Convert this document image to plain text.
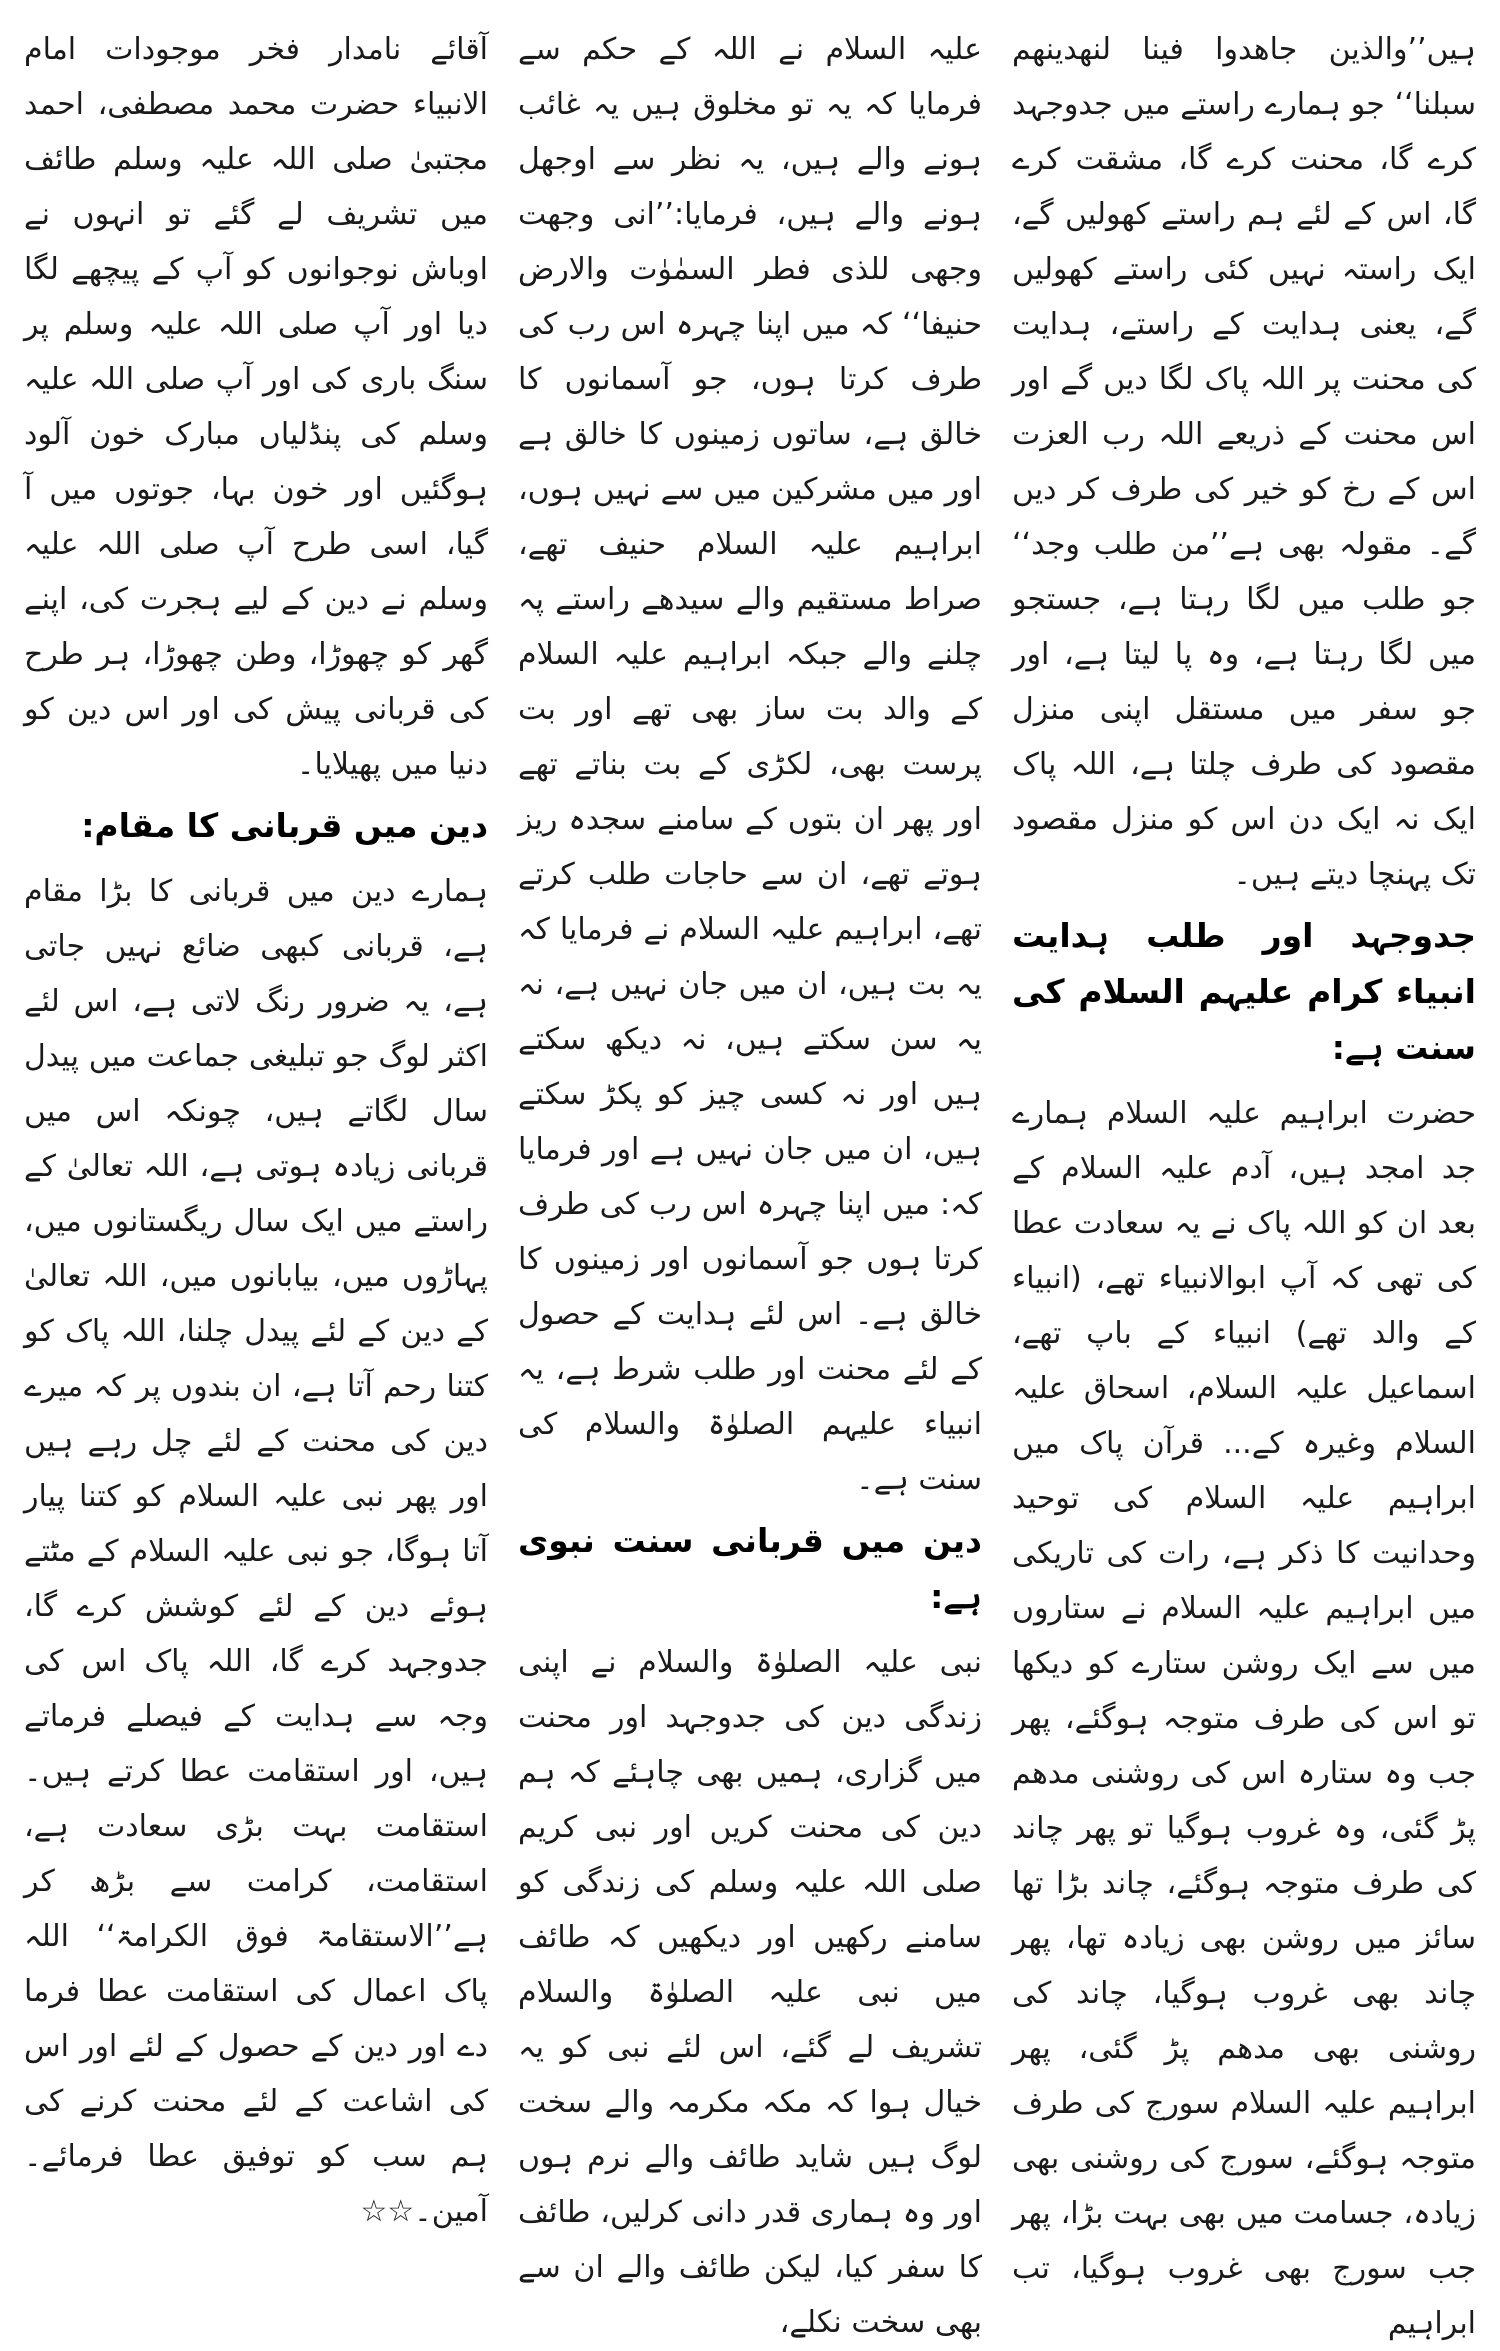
ہیں’’والذین جاھدوا فینا لنھدینھم سبلنا‘‘ جو ہمارے راستے میں جدوجہد کرے گا، محنت کرے گا، مشقت کرے گا، اس کے لئے ہم راستے کھولیں گے، ایک راستہ نہیں کئی راستے کھولیں گے، یعنی ہدایت کے راستے، ہدایت کی محنت پر اللہ پاک لگا دیں گے اور اس محنت کے ذریعے اللہ رب العزت اس کے رخ کو خیر کی طرف کر دیں گے۔ مقولہ بھی ہے’’من طلب وجد‘‘ جو طلب میں لگا رہتا ہے، جستجو میں لگا رہتا ہے، وہ پا لیتا ہے، اور جو سفر میں مستقل اپنی منزل مقصود کی طرف چلتا ہے، اللہ پاک ایک نہ ایک دن اس کو منزل مقصود تک پہنچا دیتے ہیں۔

جدوجہد اور طلب ہدایت انبیاء کرام علیہم السلام کی سنت ہے:

حضرت ابراہیم علیہ السلام ہمارے جد امجد ہیں، آدم علیہ السلام کے بعد ان کو اللہ پاک نے یہ سعادت عطا کی تھی کہ آپ ابوالانبیاء تھے، (انبیاء کے والد تھے) انبیاء کے باپ تھے، اسماعیل علیہ السلام، اسحاق علیہ السلام وغیرہ کے... قرآن پاک میں ابراہیم علیہ السلام کی توحید وحدانیت کا ذکر ہے، رات کی تاریکی میں ابراہیم علیہ السلام نے ستاروں میں سے ایک روشن ستارے کو دیکھا تو اس کی طرف متوجہ ہوگئے، پھر جب وہ ستارہ اس کی روشنی مدھم پڑ گئی، وہ غروب ہوگیا تو پھر چاند کی طرف متوجہ ہوگئے، چاند بڑا تھا سائز میں روشن بھی زیادہ تھا، پھر چاند بھی غروب ہوگیا، چاند کی روشنی بھی مدھم پڑ گئی، پھر ابراہیم علیہ السلام سورج کی طرف متوجہ ہوگئے، سورج کی روشنی بھی زیادہ، جسامت میں بھی بہت بڑا، پھر جب سورج بھی غروب ہوگیا، تب ابراہیم

علیہ السلام نے اللہ کے حکم سے فرمایا کہ یہ تو مخلوق ہیں یہ غائب ہونے والے ہیں، یہ نظر سے اوجھل ہونے والے ہیں، فرمایا:’’انی وجھت وجھی للذی فطر السمٰوٰت والارض حنیفا‘‘ کہ میں اپنا چہرہ اس رب کی طرف کرتا ہوں، جو آسمانوں کا خالق ہے، ساتوں زمینوں کا خالق ہے اور میں مشرکین میں سے نہیں ہوں، ابراہیم علیہ السلام حنیف تھے، صراط مستقیم والے سیدھے راستے پہ چلنے والے جبکہ ابراہیم علیہ السلام کے والد بت ساز بھی تھے اور بت پرست بھی، لکڑی کے بت بناتے تھے اور پھر ان بتوں کے سامنے سجدہ ریز ہوتے تھے، ان سے حاجات طلب کرتے تھے، ابراہیم علیہ السلام نے فرمایا کہ یہ بت ہیں، ان میں جان نہیں ہے، نہ یہ سن سکتے ہیں، نہ دیکھ سکتے ہیں اور نہ کسی چیز کو پکڑ سکتے ہیں، ان میں جان نہیں ہے اور فرمایا کہ: میں اپنا چہرہ اس رب کی طرف کرتا ہوں جو آسمانوں اور زمینوں کا خالق ہے۔ اس لئے ہدایت کے حصول کے لئے محنت اور طلب شرط ہے، یہ انبیاء علیہم الصلوٰۃ والسلام کی سنت ہے۔

دین میں قربانی سنت نبوی ہے:

نبی علیہ الصلوٰۃ والسلام نے اپنی زندگی دین کی جدوجہد اور محنت میں گزاری، ہمیں بھی چاہئے کہ ہم دین کی محنت کریں اور نبی کریم صلی اللہ علیہ وسلم کی زندگی کو سامنے رکھیں اور دیکھیں کہ طائف میں نبی علیہ الصلوٰۃ والسلام تشریف لے گئے، اس لئے نبی کو یہ خیال ہوا کہ مکہ مکرمہ والے سخت لوگ ہیں شاید طائف والے نرم ہوں اور وہ ہماری قدر دانی کرلیں، طائف کا سفر کیا، لیکن طائف والے ان سے بھی سخت نکلے،

آقائے نامدار فخر موجودات امام الانبیاء حضرت محمد مصطفی، احمد مجتبیٰ صلی اللہ علیہ وسلم طائف میں تشریف لے گئے تو انہوں نے اوباش نوجوانوں کو آپ کے پیچھے لگا دیا اور آپ صلی اللہ علیہ وسلم پر سنگ باری کی اور آپ صلی اللہ علیہ وسلم کی پنڈلیاں مبارک خون آلود ہوگئیں اور خون بہا، جوتوں میں آ گیا، اسی طرح آپ صلی اللہ علیہ وسلم نے دین کے لیے ہجرت کی، اپنے گھر کو چھوڑا، وطن چھوڑا، ہر طرح کی قربانی پیش کی اور اس دین کو دنیا میں پھیلایا۔

دین میں قربانی کا مقام:

ہمارے دین میں قربانی کا بڑا مقام ہے، قربانی کبھی ضائع نہیں جاتی ہے، یہ ضرور رنگ لاتی ہے، اس لئے اکثر لوگ جو تبلیغی جماعت میں پیدل سال لگاتے ہیں، چونکہ اس میں قربانی زیادہ ہوتی ہے، اللہ تعالیٰ کے راستے میں ایک سال ریگستانوں میں، پہاڑوں میں، بیابانوں میں، اللہ تعالیٰ کے دین کے لئے پیدل چلنا، اللہ پاک کو کتنا رحم آتا ہے، ان بندوں پر کہ میرے دین کی محنت کے لئے چل رہے ہیں اور پھر نبی علیہ السلام کو کتنا پیار آتا ہوگا، جو نبی علیہ السلام کے مٹتے ہوئے دین کے لئے کوشش کرے گا، جدوجہد کرے گا، اللہ پاک اس کی وجہ سے ہدایت کے فیصلے فرماتے ہیں، اور استقامت عطا کرتے ہیں۔ استقامت بہت بڑی سعادت ہے، استقامت، کرامت سے بڑھ کر ہے’’الاستقامۃ فوق الکرامۃ‘‘ اللہ پاک اعمال کی استقامت عطا فرما دے اور دین کے حصول کے لئے اور اس کی اشاعت کے لئے محنت کرنے کی ہم سب کو توفیق عطا فرمائے۔ آمین۔☆☆
